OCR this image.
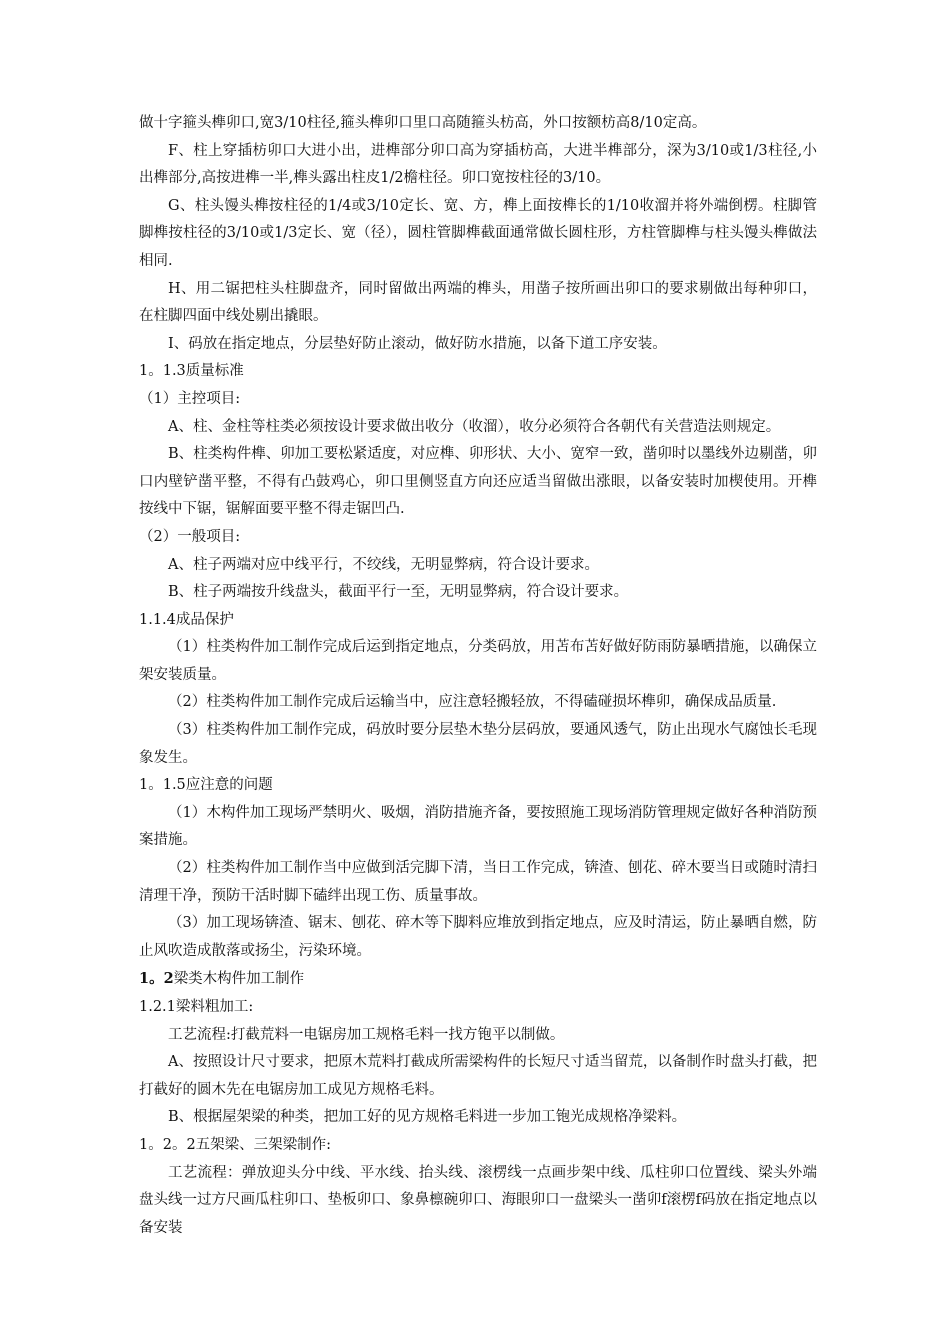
做十字箍头榫卯口,宽3/10柱径,箍头榫卯口里口高随箍头枋高，外口按额枋高8/10定高。

F、柱上穿插枋卯口大进小出，进榫部分卯口高为穿插枋高，大进半榫部分，深为3/10或1/3柱径,小出榫部分,高按进榫一半,榫头露出柱皮1/2檐柱径。卯口宽按柱径的3/10。

G、柱头馒头榫按柱径的1/4或3/10定长、宽、方，榫上面按榫长的1/10收溜并将外端倒楞。柱脚管脚榫按柱径的3/10或1/3定长、宽（径），圆柱管脚榫截面通常做长圆柱形，方柱管脚榫与柱头馒头榫做法相同.

H、用二锯把柱头柱脚盘齐，同时留做出两端的榫头，用凿子按所画出卯口的要求剔做出每种卯口，在柱脚四面中线处剔出撬眼。

I、码放在指定地点，分层垫好防止滚动，做好防水措施，以备下道工序安装。

1。1.3质量标准

（1）主控项目:

A、柱、金柱等柱类必须按设计要求做出收分（收溜），收分必须符合各朝代有关营造法则规定。

B、柱类构件榫、卯加工要松紧适度，对应榫、卯形状、大小、宽窄一致，凿卯时以墨线外边剔凿，卯口内壁铲凿平整，不得有凸鼓鸡心，卯口里侧竖直方向还应适当留做出涨眼，以备安装时加楔使用。开榫按线中下锯，锯解面要平整不得走锯凹凸.

（2）一般项目:

A、柱子两端对应中线平行，不绞线，无明显弊病，符合设计要求。

B、柱子两端按升线盘头，截面平行一至，无明显弊病，符合设计要求。

1.1.4成品保护

（1）柱类构件加工制作完成后运到指定地点，分类码放，用苫布苫好做好防雨防暴晒措施，以确保立架安装质量。

（2）柱类构件加工制作完成后运输当中，应注意轻搬轻放，不得磕碰损坏榫卯，确保成品质量.

（3）柱类构件加工制作完成，码放时要分层垫木垫分层码放，要通风透气，防止出现水气腐蚀长毛现象发生。

1。1.5应注意的问题

（1）木构件加工现场严禁明火、吸烟，消防措施齐备，要按照施工现场消防管理规定做好各种消防预案措施。

（2）柱类构件加工制作当中应做到活完脚下清，当日工作完成，锛渣、刨花、碎木要当日或随时清扫清理干净，预防干活时脚下磕绊出现工伤、质量事故。

（3）加工现场锛渣、锯末、刨花、碎木等下脚料应堆放到指定地点，应及时清运，防止暴晒自燃，防止风吹造成散落或扬尘，污染环境。

1。2梁类木构件加工制作

1.2.1梁料粗加工:

工艺流程:打截荒料一电锯房加工规格毛料一找方铇平以制做。

A、按照设计尺寸要求，把原木荒料打截成所需梁构件的长短尺寸适当留荒，以备制作时盘头打截，把打截好的圆木先在电锯房加工成见方规格毛料。

B、根据屋架梁的种类，把加工好的见方规格毛料进一步加工铇光成规格净梁料。

1。2。2五架梁、三架梁制作:

工艺流程：弹放迎头分中线、平水线、抬头线、滚楞线一点画步架中线、瓜柱卯口位置线、梁头外端盘头线一过方尺画瓜柱卯口、垫板卯口、象鼻檩碗卯口、海眼卯口一盘梁头一凿卯f滚楞f码放在指定地点以备安装
